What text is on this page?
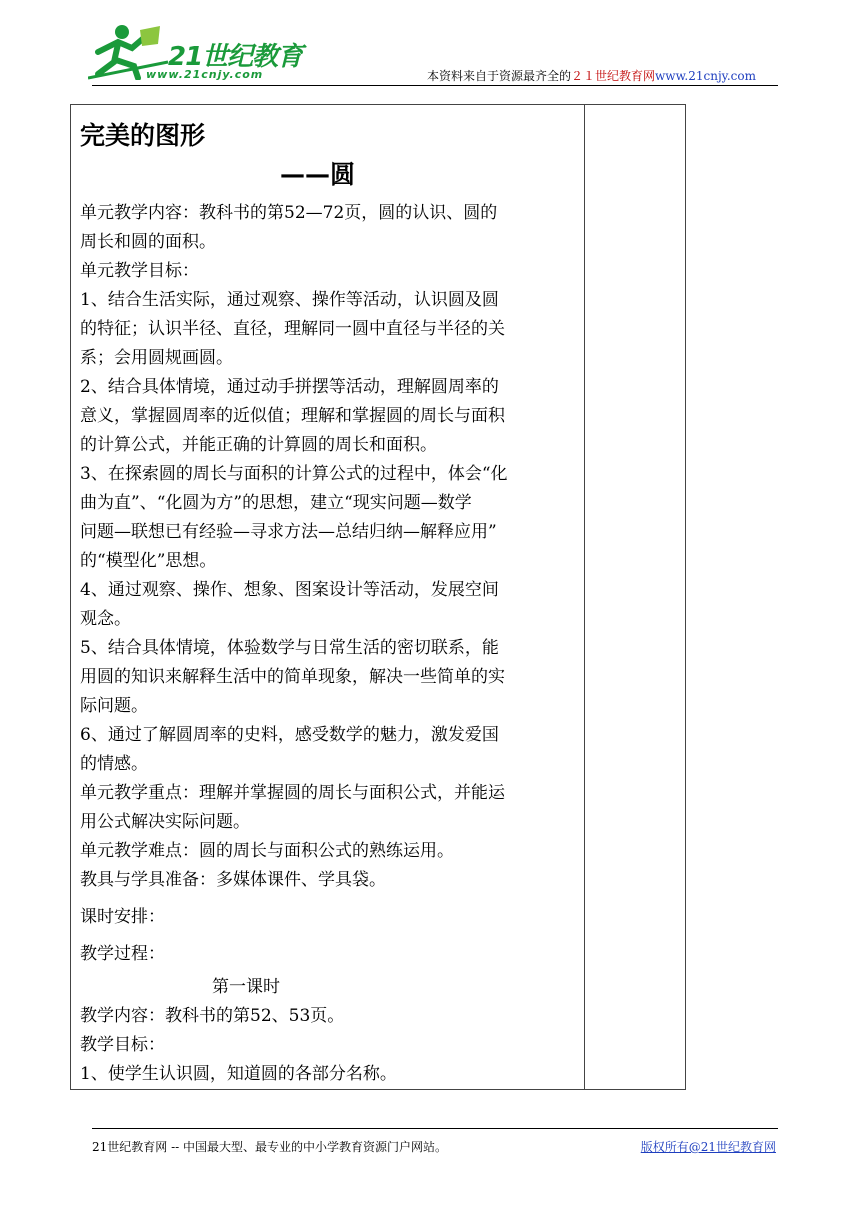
21世纪教育
www.21cnjy.com	本资料来自于资源最齐全的２１世纪教育网www.21cnjy.com

完美的图形

——圆

单元教学内容：教科书的第52—72页，圆的认识、圆的

周长和圆的面积。

单元教学目标：

1、结合生活实际，通过观察、操作等活动，认识圆及圆

的特征；认识半径、直径，理解同一圆中直径与半径的关

系；会用圆规画圆。

2、结合具体情境，通过动手拼摆等活动，理解圆周率的

意义，掌握圆周率的近似值；理解和掌握圆的周长与面积

的计算公式，并能正确的计算圆的周长和面积。

3、在探索圆的周长与面积的计算公式的过程中，体会“化

曲为直”、“化圆为方”的思想，建立“现实问题—数学

问题—联想已有经验—寻求方法—总结归纳—解释应用”

的“模型化”思想。

4、通过观察、操作、想象、图案设计等活动，发展空间

观念。

5、结合具体情境，体验数学与日常生活的密切联系，能

用圆的知识来解释生活中的简单现象，解决一些简单的实

际问题。

6、通过了解圆周率的史料，感受数学的魅力，激发爱国

的情感。

单元教学重点：理解并掌握圆的周长与面积公式，并能运

用公式解决实际问题。

单元教学难点：圆的周长与面积公式的熟练运用。

教具与学具准备：多媒体课件、学具袋。

课时安排：

教学过程：

第一课时

教学内容：教科书的第52、53页。

教学目标：

1、使学生认识圆，知道圆的各部分名称。

21世纪教育网 -- 中国最大型、最专业的中小学教育资源门户网站。	版权所有@21世纪教育网
